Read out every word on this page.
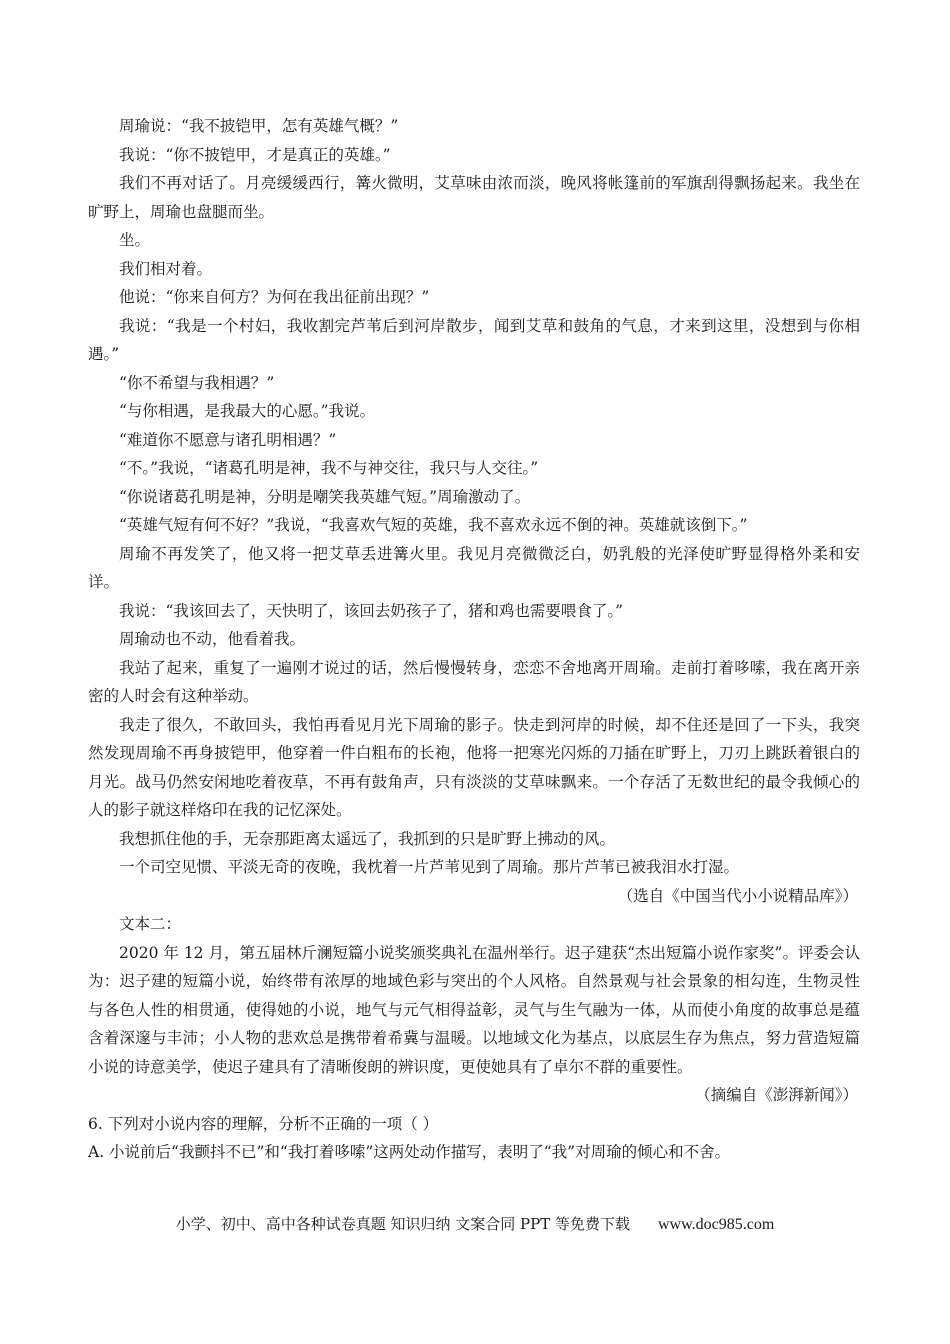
周瑜说：“我不披铠甲，怎有英雄气概？”

我说：“你不披铠甲，才是真正的英雄。”

我们不再对话了。月亮缓缓西行，篝火微明，艾草味由浓而淡，晚风将帐篷前的军旗刮得飘扬起来。我坐在旷野上，周瑜也盘腿而坐。

坐。

我们相对着。

他说：“你来自何方？为何在我出征前出现？”

我说：“我是一个村妇，我收割完芦苇后到河岸散步，闻到艾草和鼓角的气息，才来到这里，没想到与你相遇。”

“你不希望与我相遇？”

“与你相遇，是我最大的心愿。”我说。

“难道你不愿意与诸孔明相遇？”

“不。”我说，“诸葛孔明是神，我不与神交往，我只与人交往。”

“你说诸葛孔明是神，分明是嘲笑我英雄气短。”周瑜激动了。

“英雄气短有何不好？”我说，“我喜欢气短的英雄，我不喜欢永远不倒的神。英雄就该倒下。”

周瑜不再发笑了，他又将一把艾草丢进篝火里。我见月亮微微泛白，奶乳般的光泽使旷野显得格外柔和安详。

我说：“我该回去了，天快明了，该回去奶孩子了，猪和鸡也需要喂食了。”

周瑜动也不动，他看着我。

我站了起来，重复了一遍刚才说过的话，然后慢慢转身，恋恋不舍地离开周瑜。走前打着哆嗦，我在离开亲密的人时会有这种举动。

我走了很久，不敢回头，我怕再看见月光下周瑜的影子。快走到河岸的时候，却不住还是回了一下头，我突然发现周瑜不再身披铠甲，他穿着一件白粗布的长袍，他将一把寒光闪烁的刀插在旷野上，刀刃上跳跃着银白的月光。战马仍然安闲地吃着夜草，不再有鼓角声，只有淡淡的艾草味飘来。一个存活了无数世纪的最令我倾心的人的影子就这样烙印在我的记忆深处。

我想抓住他的手，无奈那距离太遥远了，我抓到的只是旷野上拂动的风。

一个司空见惯、平淡无奇的夜晚，我枕着一片芦苇见到了周瑜。那片芦苇已被我泪水打湿。

（选自《中国当代小小说精品库》）

文本二：

2020 年 12 月，第五届林斤澜短篇小说奖颁奖典礼在温州举行。迟子建获“杰出短篇小说作家奖”。评委会认为：迟子建的短篇小说，始终带有浓厚的地域色彩与突出的个人风格。自然景观与社会景象的相勾连，生物灵性与各色人性的相贯通，使得她的小说，地气与元气相得益彰，灵气与生气融为一体，从而使小角度的故事总是蕴含着深邃与丰沛；小人物的悲欢总是携带着希冀与温暖。以地域文化为基点，以底层生存为焦点，努力营造短篇小说的诗意美学，使迟子建具有了清晰俊朗的辨识度，更使她具有了卓尔不群的重要性。

（摘编自《澎湃新闻》）

6. 下列对小说内容的理解，分析不正确的一项（ ）

A. 小说前后“我颤抖不已”和“我打着哆嗦”这两处动作描写，表明了“我”对周瑜的倾心和不舍。

小学、初中、高中各种试卷真题 知识归纳 文案合同 PPT 等免费下载 www.doc985.com
